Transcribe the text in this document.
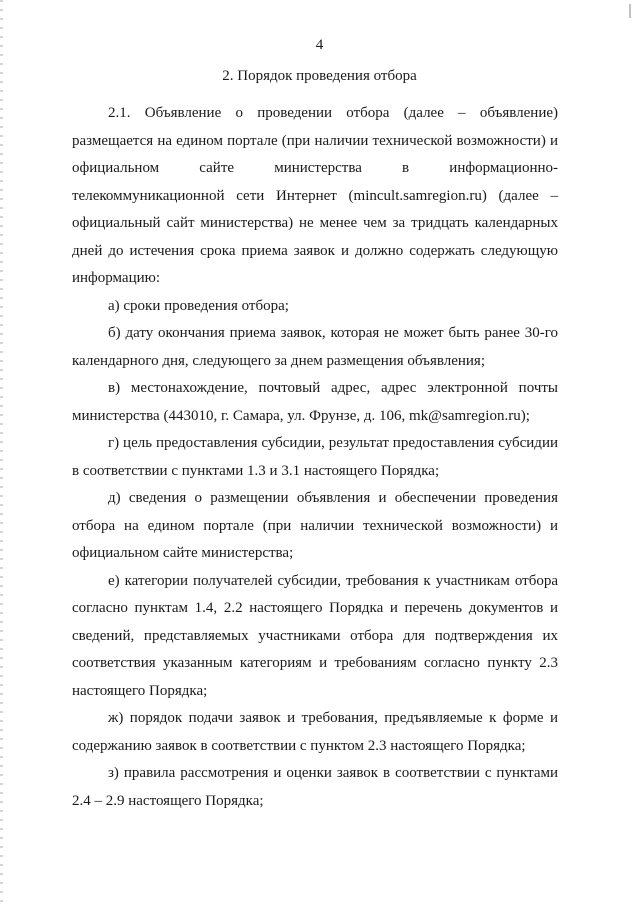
4
2. Порядок проведения отбора

2.1. Объявление о проведении отбора (далее – объявление) размещается на едином портале (при наличии технической возможности) и официальном сайте министерства в информационно-телекоммуникационной сети Интернет (mincult.samregion.ru) (далее – официальный сайт министерства) не менее чем за тридцать календарных дней до истечения срока приема заявок и должно содержать следующую информацию:

а) сроки проведения отбора;

б) дату окончания приема заявок, которая не может быть ранее 30-го календарного дня, следующего за днем размещения объявления;

в) местонахождение, почтовый адрес, адрес электронной почты министерства (443010, г. Самара, ул. Фрунзе, д. 106, mk@samregion.ru);

г) цель предоставления субсидии, результат предоставления субсидии в соответствии с пунктами 1.3 и 3.1 настоящего Порядка;

д) сведения о размещении объявления и обеспечении проведения отбора на едином портале (при наличии технической возможности) и официальном сайте министерства;

е) категории получателей субсидии, требования к участникам отбора согласно пунктам 1.4, 2.2 настоящего Порядка и перечень документов и сведений, представляемых участниками отбора для подтверждения их соответствия указанным категориям и требованиям согласно пункту 2.3 настоящего Порядка;

ж) порядок подачи заявок и требования, предъявляемые к форме и содержанию заявок в соответствии с пунктом 2.3 настоящего Порядка;

з) правила рассмотрения и оценки заявок в соответствии с пунктами 2.4 – 2.9 настоящего Порядка;
